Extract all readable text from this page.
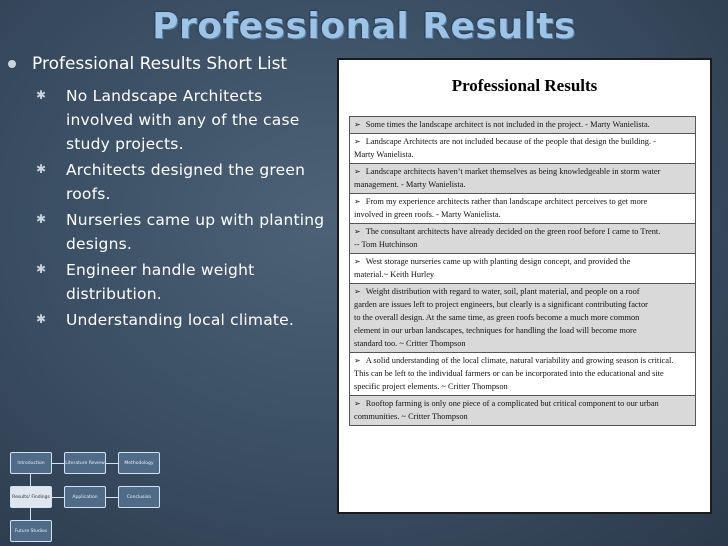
Professional Results

Professional Results Short List

✱	No Landscape Architects
involved with any of the case
study projects.
✱	Architects designed the green
roofs.
✱	Nurseries came up with planting
designs.
✱	Engineer handle weight
distribution.
✱	Understanding local climate.

Professional Results

➢ Some times the landscape architect is not included in the project. - Marty Wanielista.
➢ Landscape Architects are not included because of the people that design the building. -
Marty Wanielista.
➢ Landscape architects haven’t market themselves as being knowledgeable in storm water
management. - Marty Wanielista.
➢ From my experience architects rather than landscape architect perceives to get more
involved in green roofs. - Marty Wanielista.
➢ The consultant architects have already decided on the green roof before I came to Trent.
-- Tom Hutchinson
➢ West storage nurseries came up with planting design concept, and provided the
material.~ Keith Hurley
➢ Weight distribution with regard to water, soil, plant material, and people on a roof
garden are issues left to project engineers, but clearly is a significant contributing factor
to the overall design. At the same time, as green roofs become a much more common
element in our urban landscapes, techniques for handling the load will become more
standard too. ~ Critter Thompson
➢ A solid understanding of the local climate, natural variability and growing season is critical.
This can be left to the individual farmers or can be incorporated into the educational and site
specific project elements. ~ Critter Thompson
➢ Rooftop farming is only one piece of a complicated but critical component to our urban
communities. ~ Critter Thompson
Introduction	Literature Review	Methodology
Results/ Findings	Application	Conclusion
Future Studies
